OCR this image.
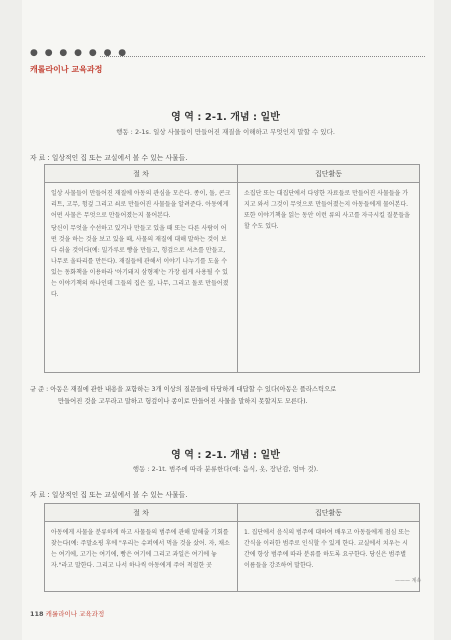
● ● ● ● ● ● ●
캐롤라이나 교육과정
영 역 : 2-1. 개념 : 일반
행동 : 2-1s. 일상 사물들이 만들어진 재질을 이해하고 무엇인지 말할 수 있다.
자 료 : 일상적인 집 또는 교실에서 볼 수 있는 사물들.
절 차	집단활동

일상 사물들이 만들어진 재질에 아동의 관심을 모은다. 종이, 돌, 콘크리트, 고무, 헝겊 그리고 쇠로 만들어진 사물들을 알려준다. 아동에게 어떤 사물은 무엇으로 만들어졌는지 물어본다.

당신이 무엇을 수선하고 있거나 만들고 있을 때 또는 다른 사람이 어떤 것을 하는 것을 보고 있을 때, 사물의 재질에 대해 말하는 것이 보다 쉬울 것이다(예: 밀가루로 빵을 만들고, 헝겊으로 셔츠를 만들고, 나무로 울타리를 만든다). 재질들에 관해서 이야기 나누기를 도울 수 있는 동화책을 이용하라 '아기돼지 삼형제'는 가장 쉽게 사용될 수 있는 이야기책의 하나인데 그들의 집은 짚, 나무, 그리고 돌로 만들어졌다.	소집단 또는 대집단에서 다양한 자료들로 만들어진 사물들을 가지고 와서 그것이 무엇으로 만들어졌는지 아동들에게 물어본다. 또한 이야기책을 읽는 동안 이런 류의 사고를 자극시킬 질문들을 할 수도 있다.
규 준 : 아동은 재질에 관한 내용을 포함하는 3개 이상의 질문들에 타당하게 대답할 수 있다(아동은 플라스틱으로
만들어진 것을 고무라고 말하고 헝겊이나 종이로 만들어진 사물을 말하지 못할지도 모른다).
영 역 : 2-1. 개념 : 일반
행동 : 2-1t. 범주에 따라 분류한다(예: 음식, 옷, 장난감, 엄마 것).
자 료 : 일상적인 집 또는 교실에서 볼 수 있는 사물들.
절 차	집단활동
아동에게 사물을 분류하게 하고 사물들의 범주에 관해 말해줄 기회를 찾는다(예: 주말쇼핑 후에 "우리는 슈퍼에서 먹을 것을 샀어. 자, 채소는 여기에, 고기는 여기에, 빵은 여기에 그리고 과일은 여기에 놓자."라고 말한다. 그리고 나서 하나씩 아동에게 주어 적절한 곳	1. 집단에서 음식의 범주에 대하여 배우고 아동들에게 점심 또는 간식을 이러한 범주로 인식할 수 있게 한다. 교실에서 치우는 시간에 항상 범주에 따라 분류를 하도록 요구한다. 당신은 범주별 이름들을 강조하여 말한다.
——— 계속
118 캐롤라이나 교육과정
